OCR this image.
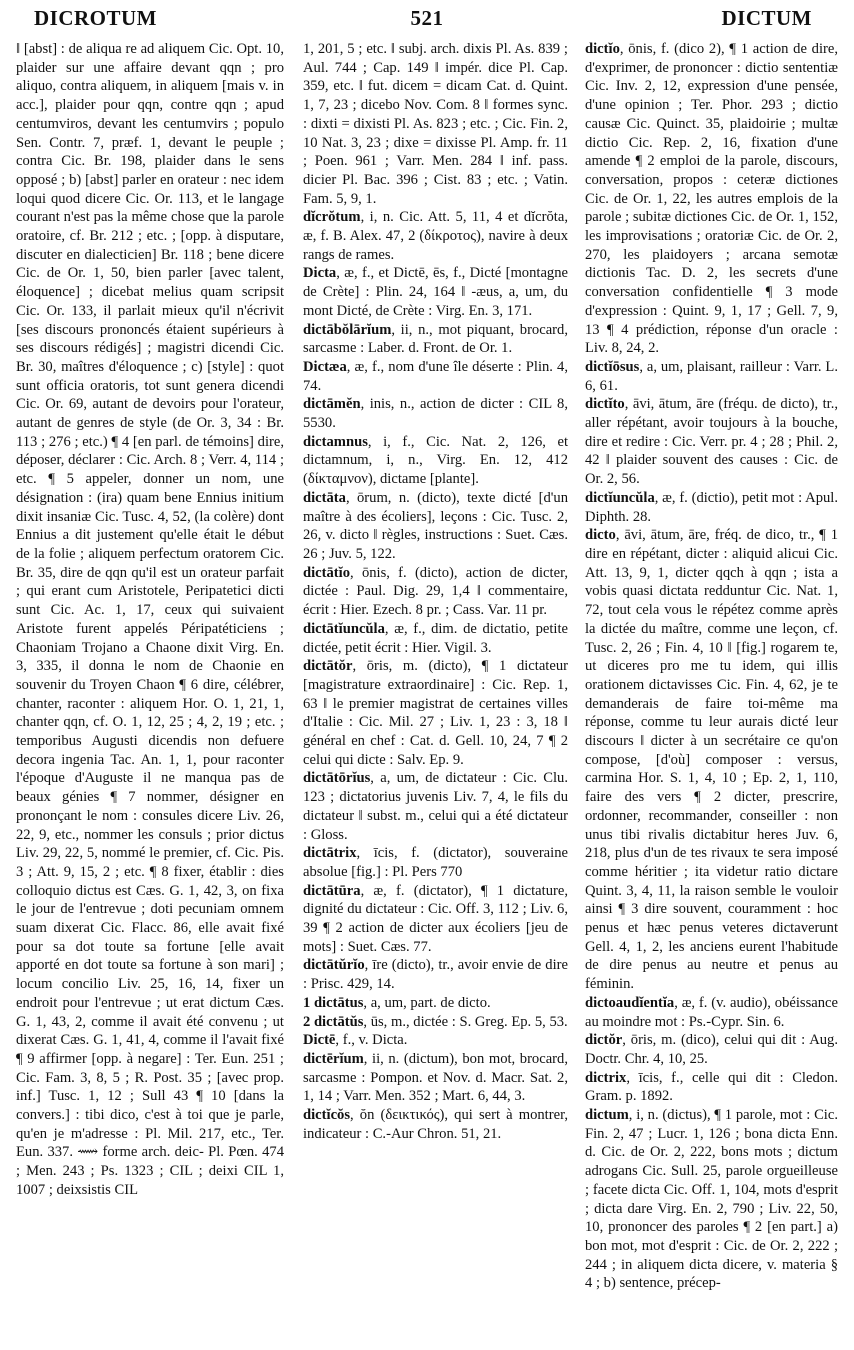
DICROTUM	521	DICTUM

‖ [abst] : de aliqua re ad aliquem Cic. Opt. 10, plaider sur une affaire devant qqn ; pro aliquo, contra aliquem, in aliquem [mais v. in acc.], plaider pour qqn, contre qqn ; apud centumviros, devant les centumvirs ; populo Sen. Contr. 7, præf. 1, devant le peuple ; contra Cic. Br. 198, plaider dans le sens opposé ; b) [abst] parler en orateur : nec idem loqui quod dicere Cic. Or. 113, et le langage courant n'est pas la même chose que la parole oratoire, cf. Br. 212 ; etc. ; [opp. à disputare, discuter en dialecticien] Br. 118 ; bene dicere Cic. de Or. 1, 50, bien parler [avec talent, éloquence] ; dicebat melius quam scripsit Cic. Or. 133, il parlait mieux qu'il n'écrivit [ses discours prononcés étaient supérieurs à ses discours rédigés] ; magistri dicendi Cic. Br. 30, maîtres d'éloquence ; c) [style] : quot sunt officia oratoris, tot sunt genera dicendi Cic. Or. 69, autant de devoirs pour l'orateur, autant de genres de style (de Or. 3, 34 : Br. 113 ; 276 ; etc.) ¶ 4 [en parl. de témoins] dire, déposer, déclarer : Cic. Arch. 8 ; Verr. 4, 114 ; etc. ¶ 5 appeler, donner un nom, une désignation : (ira) quam bene Ennius initium dixit insaniæ Cic. Tusc. 4, 52, (la colère) dont Ennius a dit justement qu'elle était le début de la folie ; aliquem perfectum oratorem Cic. Br. 35, dire de qqn qu'il est un orateur parfait ; qui erant cum Aristotele, Peripatetici dicti sunt Cic. Ac. 1, 17, ceux qui suivaient Aristote furent appelés Péripatéticiens ; Chaoniam Trojano a Chaone dixit Virg. En. 3, 335, il donna le nom de Chaonie en souvenir du Troyen Chaon ¶ 6 dire, célébrer, chanter, raconter : aliquem Hor. O. 1, 21, 1, chanter qqn, cf. O. 1, 12, 25 ; 4, 2, 19 ; etc. ; temporibus Augusti dicendis non defuere decora ingenia Tac. An. 1, 1, pour raconter l'époque d'Auguste il ne manqua pas de beaux génies ¶ 7 nommer, désigner en prononçant le nom : consules dicere Liv. 26, 22, 9, etc., nommer les consuls ; prior dictus Liv. 29, 22, 5, nommé le premier, cf. Cic. Pis. 3 ; Att. 9, 15, 2 ; etc. ¶ 8 fixer, établir : dies colloquio dictus est Cæs. G. 1, 42, 3, on fixa le jour de l'entrevue ; doti pecuniam omnem suam dixerat Cic. Flacc. 86, elle avait fixé pour sa dot toute sa fortune [elle avait apporté en dot toute sa fortune à son mari] ; locum concilio Liv. 25, 16, 14, fixer un endroit pour l'entrevue ; ut erat dictum Cæs. G. 1, 43, 2, comme il avait été convenu ; ut dixerat Cæs. G. 1, 41, 4, comme il l'avait fixé ¶ 9 affirmer [opp. à negare] : Ter. Eun. 251 ; Cic. Fam. 3, 8, 5 ; R. Post. 35 ; [avec prop. inf.] Tusc. 1, 12 ; Sull 43 ¶ 10 [dans la convers.] : tibi dico, c'est à toi que je parle, qu'en je m'adresse : Pl. Mil. 217, etc., Ter. Eun. 337. ⟿ forme arch. deic- Pl. Pœn. 474 ; Men. 243 ; Ps. 1323 ; CIL ; deixi CIL 1, 1007 ; deixsistis CIL

1, 201, 5 ; etc. ‖ subj. arch. dixis Pl. As. 839 ; Aul. 744 ; Cap. 149 ‖ impér. dice Pl. Cap. 359, etc. ‖ fut. dicem = dicam Cat. d. Quint. 1, 7, 23 ; dicebo Nov. Com. 8 ‖ formes sync. : dixti = dixisti Pl. As. 823 ; etc. ; Cic. Fin. 2, 10 Nat. 3, 23 ; dixe = dixisse Pl. Amp. fr. 11 ; Poen. 961 ; Varr. Men. 284 ‖ inf. pass. dicier Pl. Bac. 396 ; Cist. 83 ; etc. ; Vatin. Fam. 5, 9, 1.

dĭcrŏtum, i, n. Cic. Att. 5, 11, 4 et dĭcrŏta, æ, f. B. Alex. 47, 2 (δίκροτος), navire à deux rangs de rames.

Dicta, æ, f., et Dictē, ēs, f., Dicté [montagne de Crète] : Plin. 24, 164 ‖ -æus, a, um, du mont Dicté, de Crète : Virg. En. 3, 171.

dictābŏlārĭum, ii, n., mot piquant, brocard, sarcasme : Laber. d. Front. de Or. 1.

Dictæa, æ, f., nom d'une île déserte : Plin. 4, 74.

dictāmĕn, inis, n., action de dicter : CIL 8, 5530.

dictamnus, i, f., Cic. Nat. 2, 126, et dictamnum, i, n., Virg. En. 12, 412 (δίκταμνον), dictame [plante].

dictāta, ōrum, n. (dicto), texte dicté [d'un maître à des écoliers], leçons : Cic. Tusc. 2, 26, v. dicto ‖ règles, instructions : Suet. Cæs. 26 ; Juv. 5, 122.

dictātĭo, ōnis, f. (dicto), action de dicter, dictée : Paul. Dig. 29, 1,4 ‖ commentaire, écrit : Hier. Ezech. 8 pr. ; Cass. Var. 11 pr.

dictātĭuncŭla, æ, f., dim. de dictatio, petite dictée, petit écrit : Hier. Vigil. 3.

dictātŏr, ōris, m. (dicto), ¶ 1 dictateur [magistrature extraordinaire] : Cic. Rep. 1, 63 ‖ le premier magistrat de certaines villes d'Italie : Cic. Mil. 27 ; Liv. 1, 23 : 3, 18 ‖ général en chef : Cat. d. Gell. 10, 24, 7 ¶ 2 celui qui dicte : Salv. Ep. 9.

dictātōrĭus, a, um, de dictateur : Cic. Clu. 123 ; dictatorius juvenis Liv. 7, 4, le fils du dictateur ‖ subst. m., celui qui a été dictateur : Gloss.

dictātrix, īcis, f. (dictator), souveraine absolue [fig.] : Pl. Pers 770

dictātūra, æ, f. (dictator), ¶ 1 dictature, dignité du dictateur : Cic. Off. 3, 112 ; Liv. 6, 39 ¶ 2 action de dicter aux écoliers [jeu de mots] : Suet. Cæs. 77.

dictātŭrĭo, īre (dicto), tr., avoir envie de dire : Prisc. 429, 14.

1 dictātus, a, um, part. de dicto.

2 dictātŭs, ūs, m., dictée : S. Greg. Ep. 5, 53.

Dictē, f., v. Dicta.

dictērĭum, ii, n. (dictum), bon mot, brocard, sarcasme : Pompon. et Nov. d. Macr. Sat. 2, 1, 14 ; Varr. Men. 352 ; Mart. 6, 44, 3.

dictĭcŏs, ŏn (δεικτικός), qui sert à montrer, indicateur : C.-Aur Chron. 51, 21.

dictĭo, ōnis, f. (dico 2), ¶ 1 action de dire, d'exprimer, de prononcer : dictio sententiæ Cic. Inv. 2, 12, expression d'une pensée, d'une opinion ; Ter. Phor. 293 ; dictio causæ Cic. Quinct. 35, plaidoirie ; multæ dictio Cic. Rep. 2, 16, fixation d'une amende ¶ 2 emploi de la parole, discours, conversation, propos : ceteræ dictiones Cic. de Or. 1, 22, les autres emplois de la parole ; subitæ dictiones Cic. de Or. 1, 152, les improvisations ; oratoriæ Cic. de Or. 2, 270, les plaidoyers ; arcana semotæ dictionis Tac. D. 2, les secrets d'une conversation confidentielle ¶ 3 mode d'expression : Quint. 9, 1, 17 ; Gell. 7, 9, 13 ¶ 4 prédiction, réponse d'un oracle : Liv. 8, 24, 2.

dictĭōsus, a, um, plaisant, railleur : Varr. L. 6, 61.

dictĭto, āvi, ātum, āre (fréqu. de dicto), tr., aller répétant, avoir toujours à la bouche, dire et redire : Cic. Verr. pr. 4 ; 28 ; Phil. 2, 42 ‖ plaider souvent des causes : Cic. de Or. 2, 56.

dictĭuncŭla, æ, f. (dictio), petit mot : Apul. Diphth. 28.

dicto, āvi, ātum, āre, fréq. de dico, tr., ¶ 1 dire en répétant, dicter : aliquid alicui Cic. Att. 13, 9, 1, dicter qqch à qqn ; ista a vobis quasi dictata redduntur Cic. Nat. 1, 72, tout cela vous le répétez comme après la dictée du maître, comme une leçon, cf. Tusc. 2, 26 ; Fin. 4, 10 ‖ [fig.] rogarem te, ut diceres pro me tu idem, qui illis orationem dictavisses Cic. Fin. 4, 62, je te demanderais de faire toi-même ma réponse, comme tu leur aurais dicté leur discours ‖ dicter à un secrétaire ce qu'on compose, [d'où] composer : versus, carmina Hor. S. 1, 4, 10 ; Ep. 2, 1, 110, faire des vers ¶ 2 dicter, prescrire, ordonner, recommander, conseiller : non unus tibi rivalis dictabitur heres Juv. 6, 218, plus d'un de tes rivaux te sera imposé comme héritier ; ita videtur ratio dictare Quint. 3, 4, 11, la raison semble le vouloir ainsi ¶ 3 dire souvent, couramment : hoc penus et hæc penus veteres dictaverunt Gell. 4, 1, 2, les anciens eurent l'habitude de dire penus au neutre et penus au féminin.

dictoaudĭentĭa, æ, f. (v. audio), obéissance au moindre mot : Ps.-Cypr. Sin. 6.

dictŏr, ōris, m. (dico), celui qui dit : Aug. Doctr. Chr. 4, 10, 25.

dictrix, īcis, f., celle qui dit : Cledon. Gram. p. 1892.

dictum, i, n. (dictus), ¶ 1 parole, mot : Cic. Fin. 2, 47 ; Lucr. 1, 126 ; bona dicta Enn. d. Cic. de Or. 2, 222, bons mots ; dictum adrogans Cic. Sull. 25, parole orgueilleuse ; facete dicta Cic. Off. 1, 104, mots d'esprit ; dicta dare Virg. En. 2, 790 ; Liv. 22, 50, 10, prononcer des paroles ¶ 2 [en part.] a) bon mot, mot d'esprit : Cic. de Or. 2, 222 ; 244 ; in aliquem dicta dicere, v. materia § 4 ; b) sentence, précep-
